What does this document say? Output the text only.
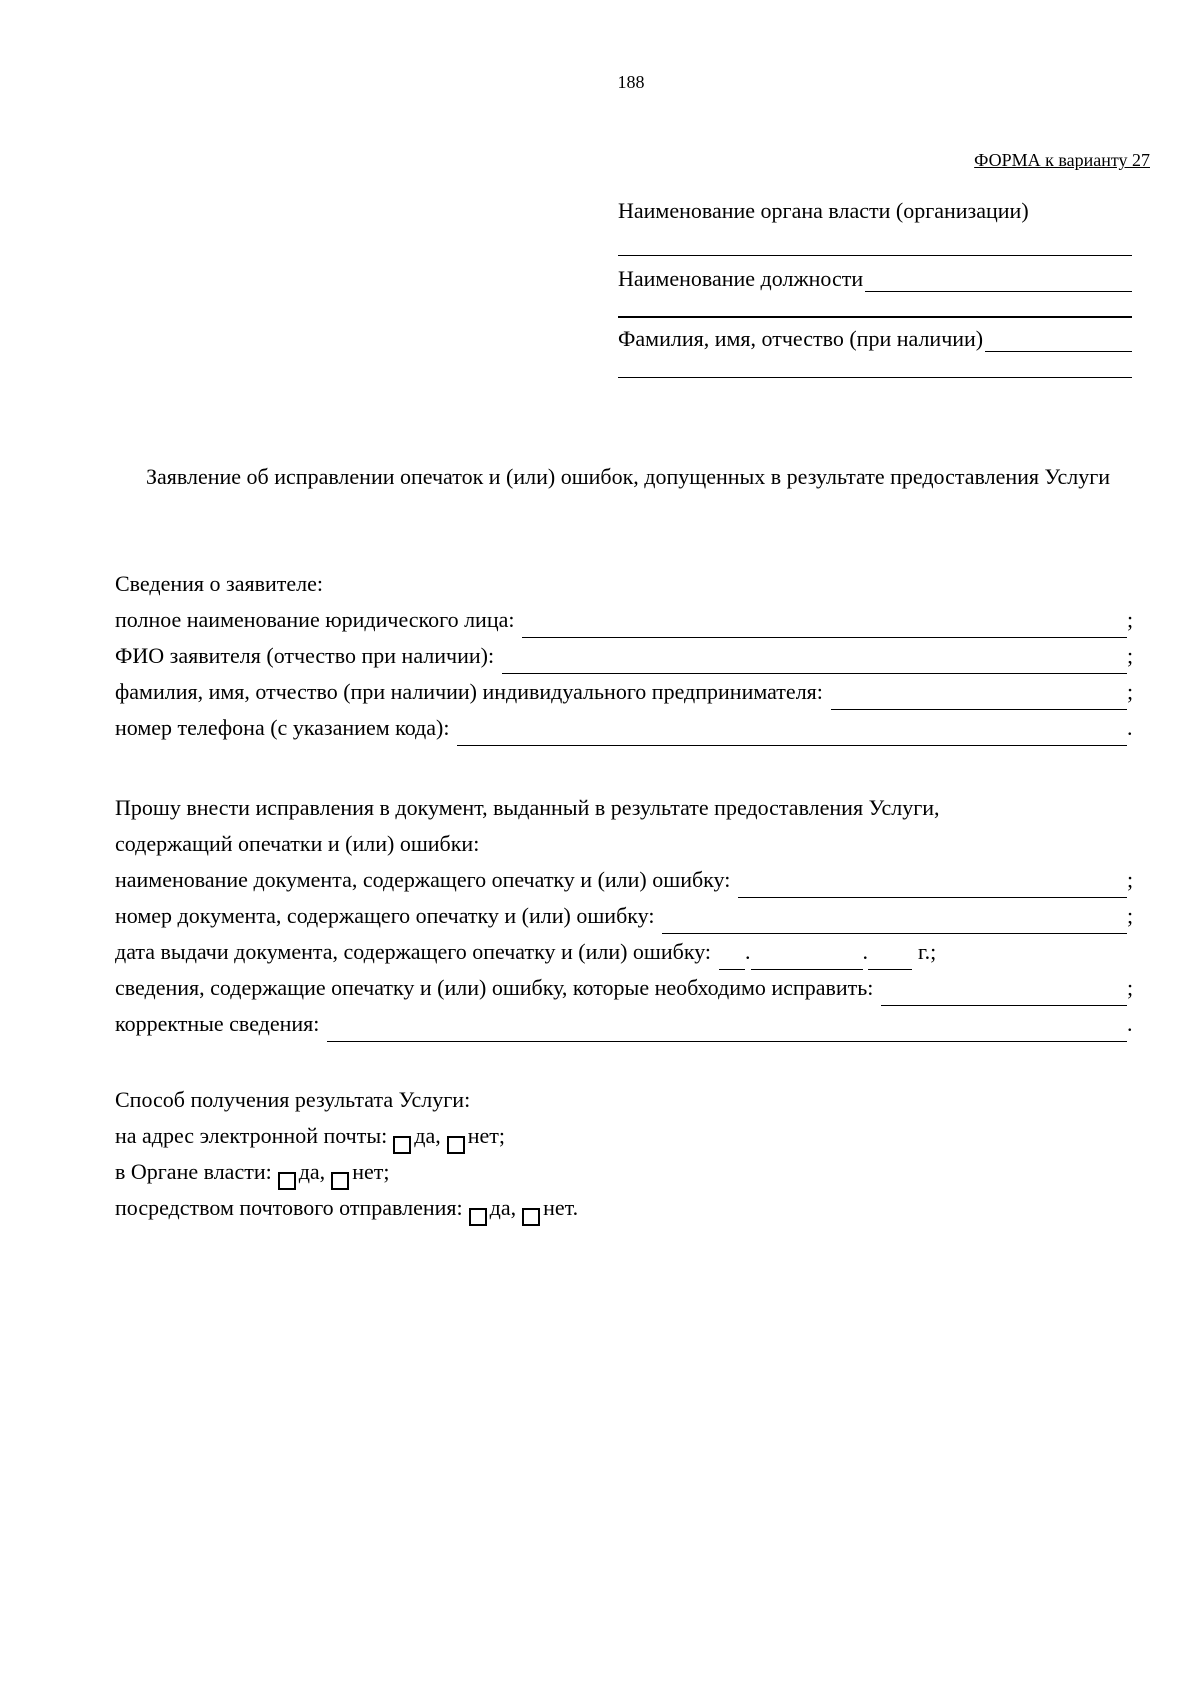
188
ФОРМА к варианту 27
Наименование органа власти (организации)
Наименование должности
Фамилия, имя, отчество (при наличии)
Заявление об исправлении опечаток и (или) ошибок, допущенных в результате предоставления Услуги
Сведения о заявителе:
полное наименование юридического лица:	;
ФИО заявителя (отчество при наличии):	;
фамилия, имя, отчество (при наличии) индивидуального предпринимателя:	;
номер телефона (с указанием кода):	.
Прошу внести исправления в документ, выданный в результате предоставления Услуги,
содержащий опечатки и (или) ошибки:
наименование документа, содержащего опечатку и (или) ошибку:	;
номер документа, содержащего опечатку и (или) ошибку:	;
дата выдачи документа, содержащего опечатку и (или) ошибку: .	. г.;
сведения, содержащие опечатку и (или) ошибку, которые необходимо исправить:	;
корректные сведения:	.
Способ получения результата Услуги:
на адрес электронной почты: да, нет;
в Органе власти: да, нет;
посредством почтового отправления: да, нет.
